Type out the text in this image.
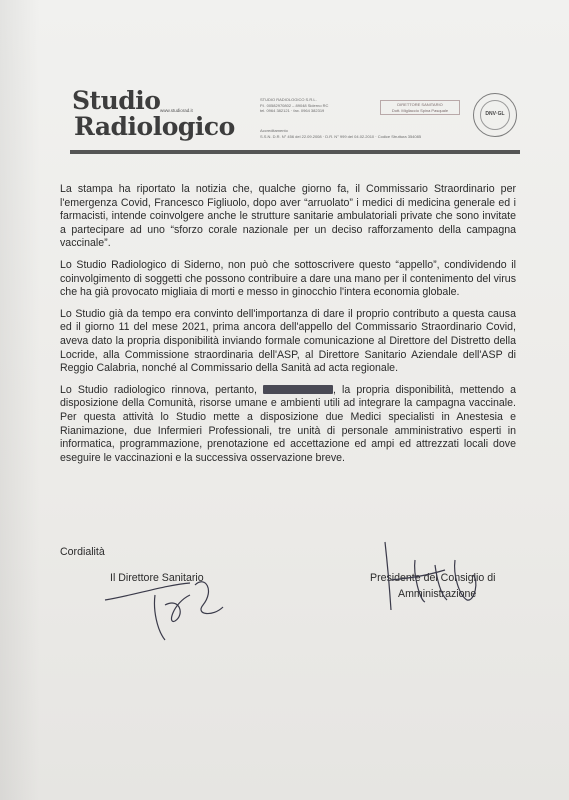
Studio
Radiologico
www.studiorad.it
STUDIO RADIOLOGICO S.R.L.
P.I. 00582970802 – 89048 Siderno RC
tel. 0964 382121 · fax. 0964 382319
DIRETTORE SANITARIO
Dott. Migliaccio Spina Pasquale
Accreditamento
S.S.N. D.R. N° 456 del 22.09.2008 · D.R. N° 999 del 04.02.2010 · Codice Struttura 354085
DNV·GL

La stampa ha riportato la notizia che, qualche giorno fa, il Commissario Straordinario per l'emergenza Covid, Francesco Figliuolo, dopo aver “arruolato” i medici di medicina generale ed i farmacisti, intende coinvolgere anche le strutture sanitarie ambulatoriali private che sono invitate a partecipare ad uno “sforzo corale nazionale per un deciso rafforzamento della campagna vaccinale”.

Lo Studio Radiologico di Siderno, non può che sottoscrivere questo “appello”, condividendo il coinvolgimento di soggetti che possono contribuire a dare una mano per il contenimento del virus che ha già provocato migliaia di morti e messo in ginocchio l'intera economia globale.

Lo Studio già da tempo era convinto dell'importanza di dare il proprio contributo a questa causa ed il giorno 11 del mese 2021, prima ancora dell'appello del Commissario Straordinario Covid, aveva dato la propria disponibilità inviando formale comunicazione al Direttore del Distretto della Locride, alla Commissione straordinaria dell'ASP, al Direttore Sanitario Aziendale dell'ASP di Reggio Calabria, nonché al Commissario della Sanità ad acta regionale.

Lo Studio radiologico rinnova, pertanto,	, la propria disponibilità, mettendo a disposizione della Comunità, risorse umane e ambienti utili ad integrare la campagna vaccinale. Per questa attività lo Studio mette a disposizione due Medici specialisti in Anestesia e Rianimazione, due Infermieri Professionali, tre unità di personale amministrativo esperti in informatica, programmazione, prenotazione ed accettazione ed ampi ed attrezzati locali dove eseguire le vaccinazioni e la successiva osservazione breve.

Cordialità
Il Direttore Sanitario	Presidente del Consiglio di
Amministrazione
